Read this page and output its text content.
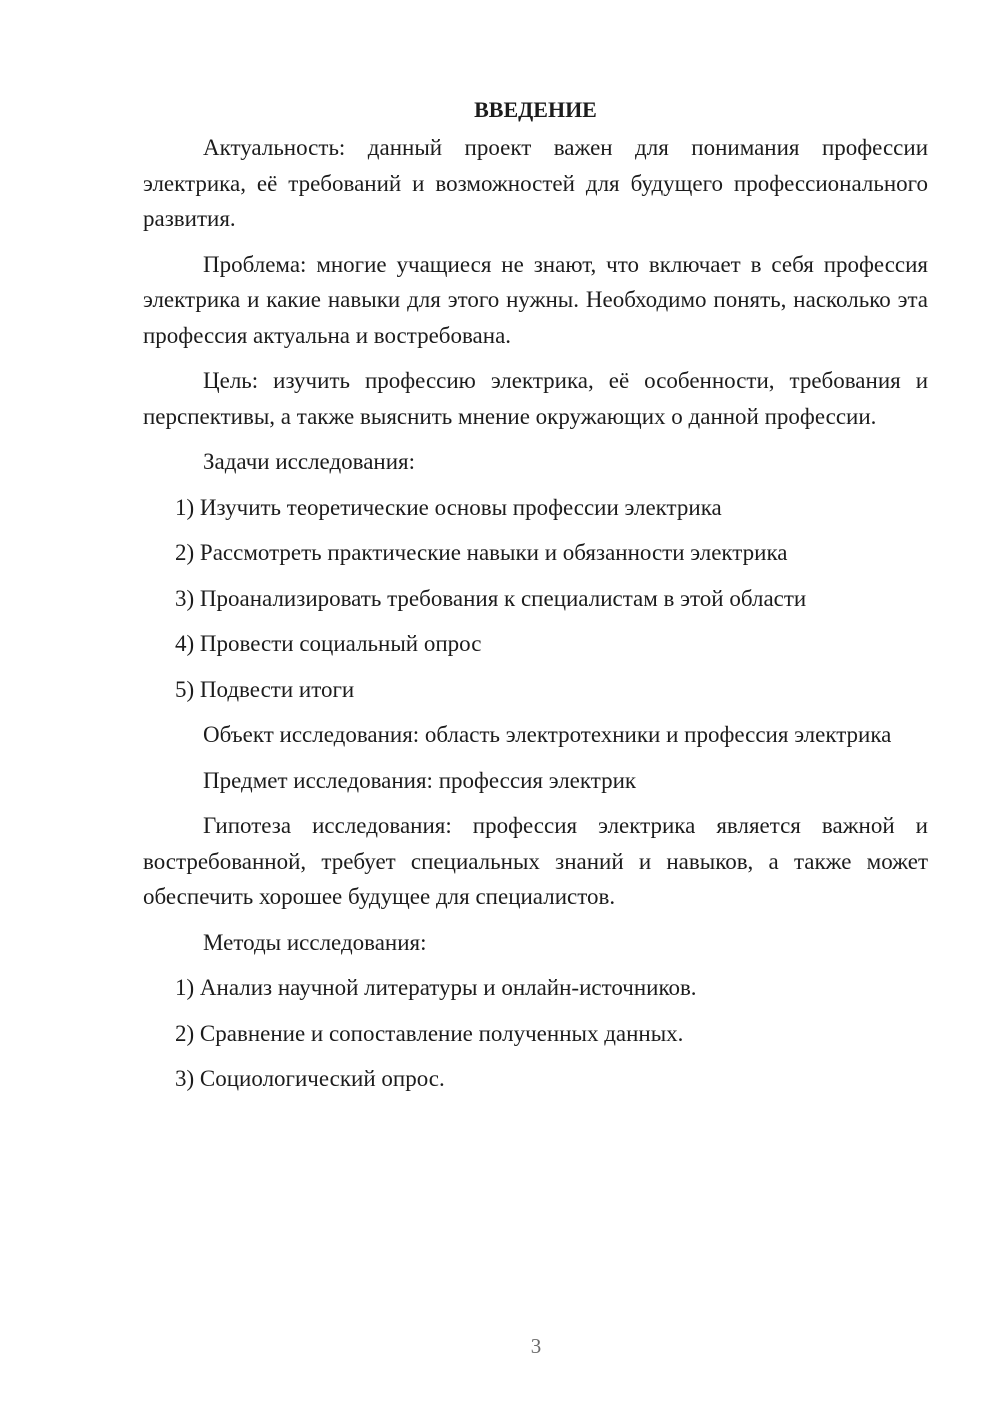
ВВЕДЕНИЕ

Актуальность: данный проект важен для понимания профессии электрика, её требований и возможностей для будущего профессионального развития.

Проблема: многие учащиеся не знают, что включает в себя профессия электрика и какие навыки для этого нужны. Необходимо понять, насколько эта профессия актуальна и востребована.

Цель: изучить профессию электрика, её особенности, требования и перспективы, а также выяснить мнение окружающих о данной профессии.

Задачи исследования:

1) Изучить теоретические основы профессии электрика

2) Рассмотреть практические навыки и обязанности электрика

3) Проанализировать требования к специалистам в этой области

4) Провести социальный опрос

5) Подвести итоги

Объект исследования: область электротехники и профессия электрика

Предмет исследования: профессия электрик

Гипотеза исследования: профессия электрика является важной и востребованной, требует специальных знаний и навыков, а также может обеспечить хорошее будущее для специалистов.

Методы исследования:

1) Анализ научной литературы и онлайн-источников.

2) Сравнение и сопоставление полученных данных.

3) Социологический опрос.

3
